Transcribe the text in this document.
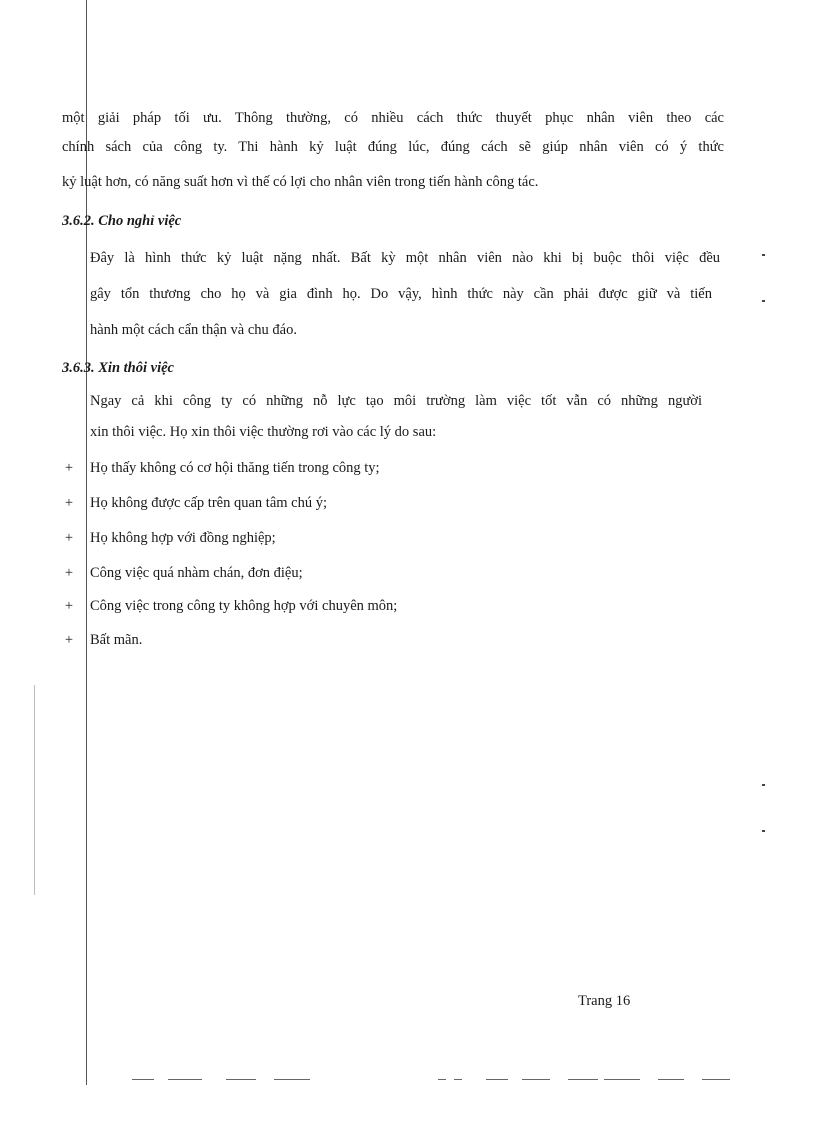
một giải pháp tối ưu. Thông thường, có nhiều cách thức thuyết phục nhân viên theo các
chính sách của công ty. Thi hành kỷ luật đúng lúc, đúng cách sẽ giúp nhân viên có ý thức
kỷ luật hơn, có năng suất hơn vì thế có lợi cho nhân viên trong tiến hành công tác.
3.6.2. Cho nghỉ việc
Đây là hình thức kỷ luật nặng nhất. Bất kỳ một nhân viên nào khi bị buộc thôi việc đều
gây tổn thương cho họ và gia đình họ. Do vậy, hình thức này cần phải được giữ và tiến
hành một cách cẩn thận và chu đáo.
3.6.3. Xin thôi việc
Ngay cả khi công ty có những nỗ lực tạo môi trường làm việc tốt vẫn có những người
xin thôi việc. Họ xin thôi việc thường rơi vào các lý do sau:
+ Họ thấy không có cơ hội thăng tiến trong công ty;
+ Họ không được cấp trên quan tâm chú ý;
+ Họ không hợp với đồng nghiệp;
+ Công việc quá nhàm chán, đơn điệu;
+ Công việc trong công ty không hợp với chuyên môn;
+ Bất mãn.
Trang 16
